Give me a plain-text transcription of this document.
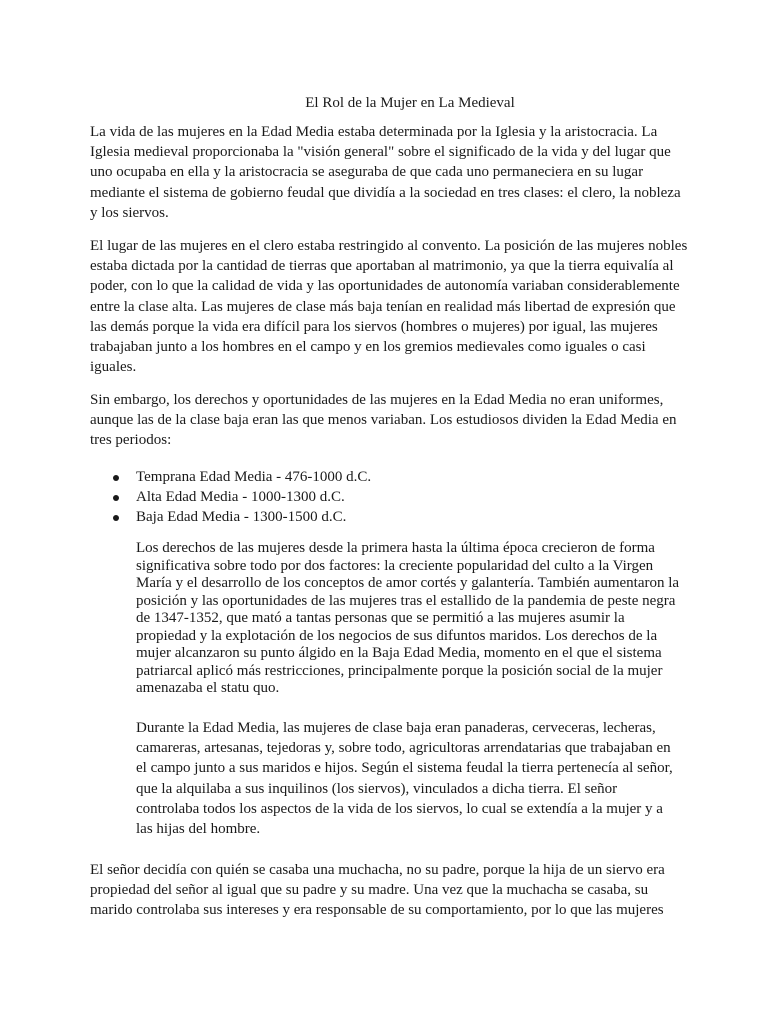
El Rol de la Mujer en La Medieval

La vida de las mujeres en la Edad Media estaba determinada por la Iglesia y la aristocracia. La Iglesia medieval proporcionaba la "visión general" sobre el significado de la vida y del lugar que uno ocupaba en ella y la aristocracia se aseguraba de que cada uno permaneciera en su lugar mediante el sistema de gobierno feudal que dividía a la sociedad en tres clases: el clero, la nobleza y los siervos.

El lugar de las mujeres en el clero estaba restringido al convento. La posición de las mujeres nobles estaba dictada por la cantidad de tierras que aportaban al matrimonio, ya que la tierra equivalía al poder, con lo que la calidad de vida y las oportunidades de autonomía variaban considerablemente entre la clase alta. Las mujeres de clase más baja tenían en realidad más libertad de expresión que las demás porque la vida era difícil para los siervos (hombres o mujeres) por igual, las mujeres trabajaban junto a los hombres en el campo y en los gremios medievales como iguales o casi iguales.

Sin embargo, los derechos y oportunidades de las mujeres en la Edad Media no eran uniformes, aunque las de la clase baja eran las que menos variaban. Los estudiosos dividen la Edad Media en tres periodos:

Temprana Edad Media - 476-1000 d.C.
Alta Edad Media - 1000-1300 d.C.
Baja Edad Media - 1300-1500 d.C.

Los derechos de las mujeres desde la primera hasta la última época crecieron de forma significativa sobre todo por dos factores: la creciente popularidad del culto a la Virgen María y el desarrollo de los conceptos de amor cortés y galantería. También aumentaron la posición y las oportunidades de las mujeres tras el estallido de la pandemia de peste negra de 1347-1352, que mató a tantas personas que se permitió a las mujeres asumir la propiedad y la explotación de los negocios de sus difuntos maridos. Los derechos de la mujer alcanzaron su punto álgido en la Baja Edad Media, momento en el que el sistema patriarcal aplicó más restricciones, principalmente porque la posición social de la mujer amenazaba el statu quo.

Durante la Edad Media, las mujeres de clase baja eran panaderas, cerveceras, lecheras, camareras, artesanas, tejedoras y, sobre todo, agricultoras arrendatarias que trabajaban en el campo junto a sus maridos e hijos. Según el sistema feudal la tierra pertenecía al señor, que la alquilaba a sus inquilinos (los siervos), vinculados a dicha tierra. El señor controlaba todos los aspectos de la vida de los siervos, lo cual se extendía a la mujer y a las hijas del hombre.

El señor decidía con quién se casaba una muchacha, no su padre, porque la hija de un siervo era propiedad del señor al igual que su padre y su madre. Una vez que la muchacha se casaba, su marido controlaba sus intereses y era responsable de su comportamiento, por lo que las mujeres
